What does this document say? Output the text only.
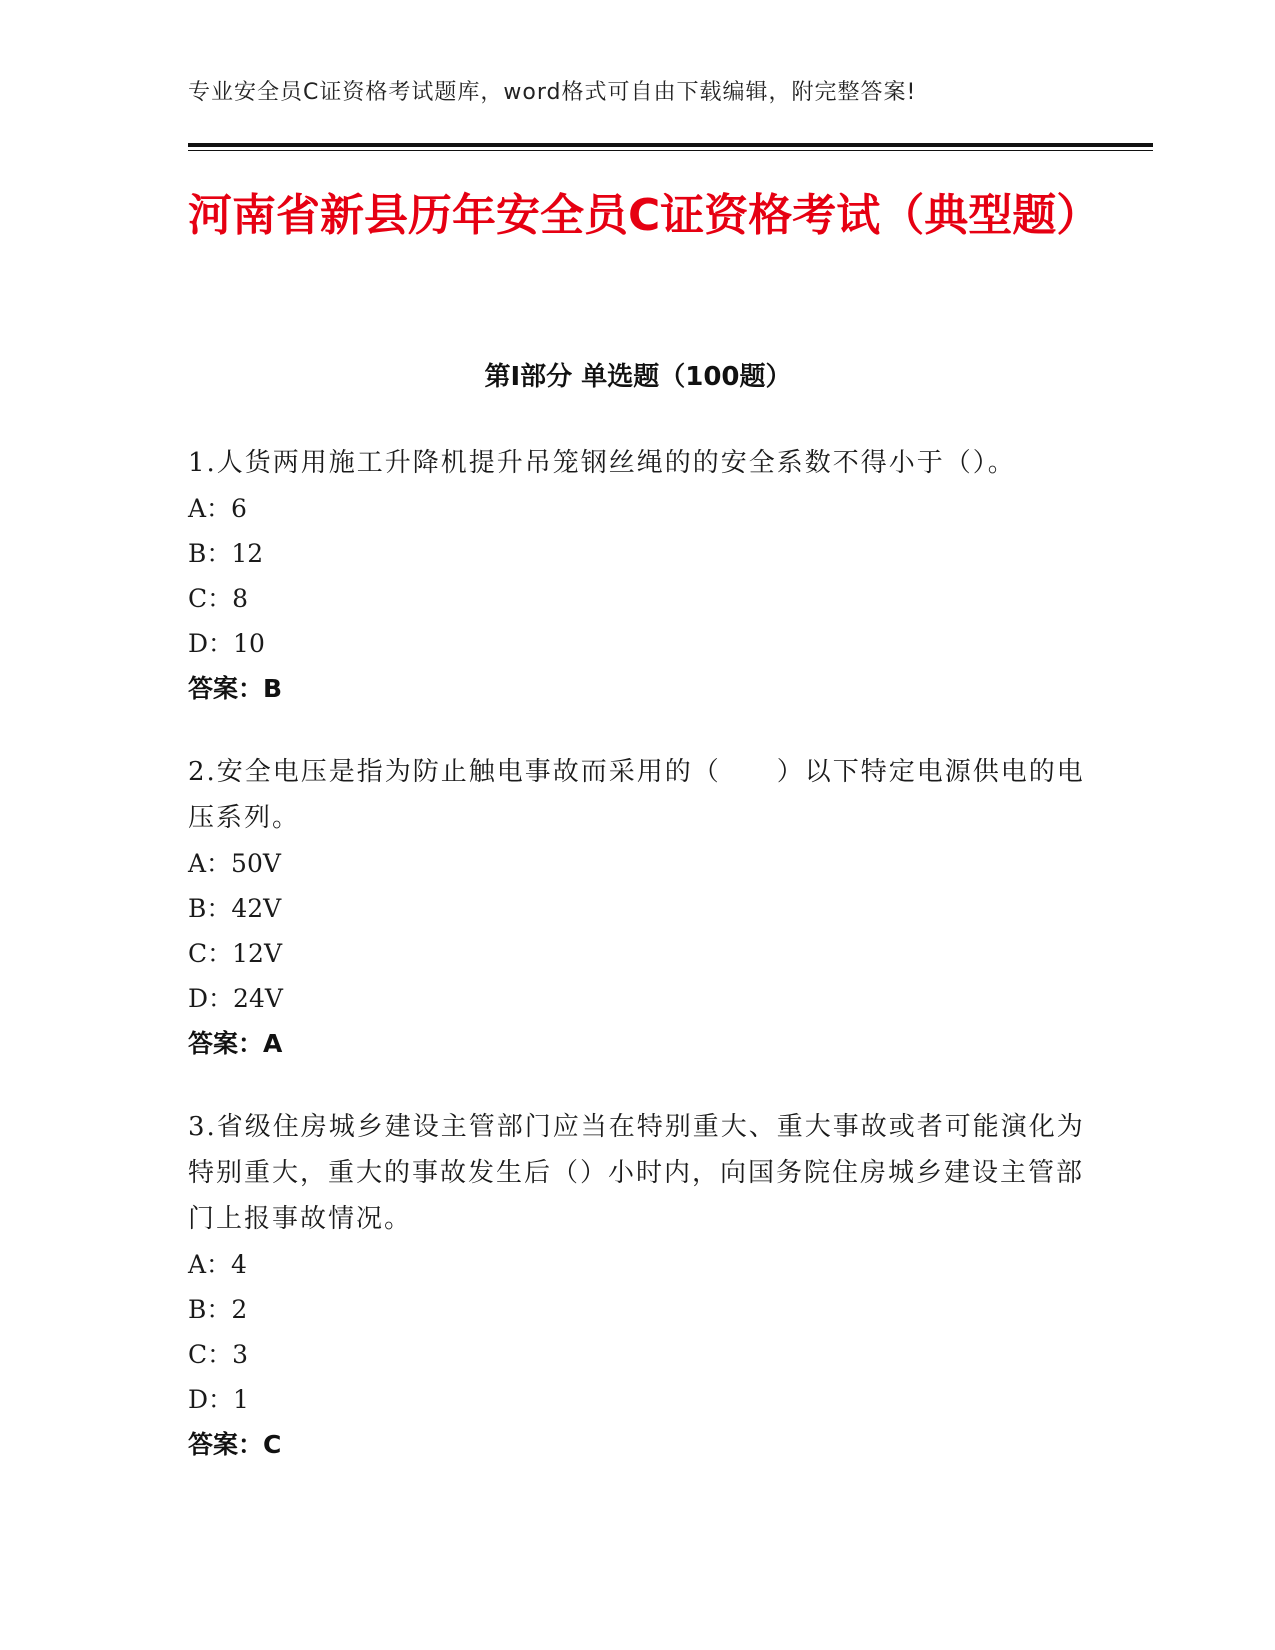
专业安全员C证资格考试题库，word格式可自由下载编辑，附完整答案!
河南省新县历年安全员C证资格考试（典型题）
第Ⅰ部分 单选题（100题）
1.人货两用施工升降机提升吊笼钢丝绳的的安全系数不得小于（）。
A：6
B：12
C：8
D：10
答案：B
2.安全电压是指为防止触电事故而采用的（　　）以下特定电源供电的电压系列。
A：50V
B：42V
C：12V
D：24V
答案：A
3.省级住房城乡建设主管部门应当在特别重大、重大事故或者可能演化为特别重大，重大的事故发生后（）小时内，向国务院住房城乡建设主管部门上报事故情况。
A：4
B：2
C：3
D：1
答案：C
